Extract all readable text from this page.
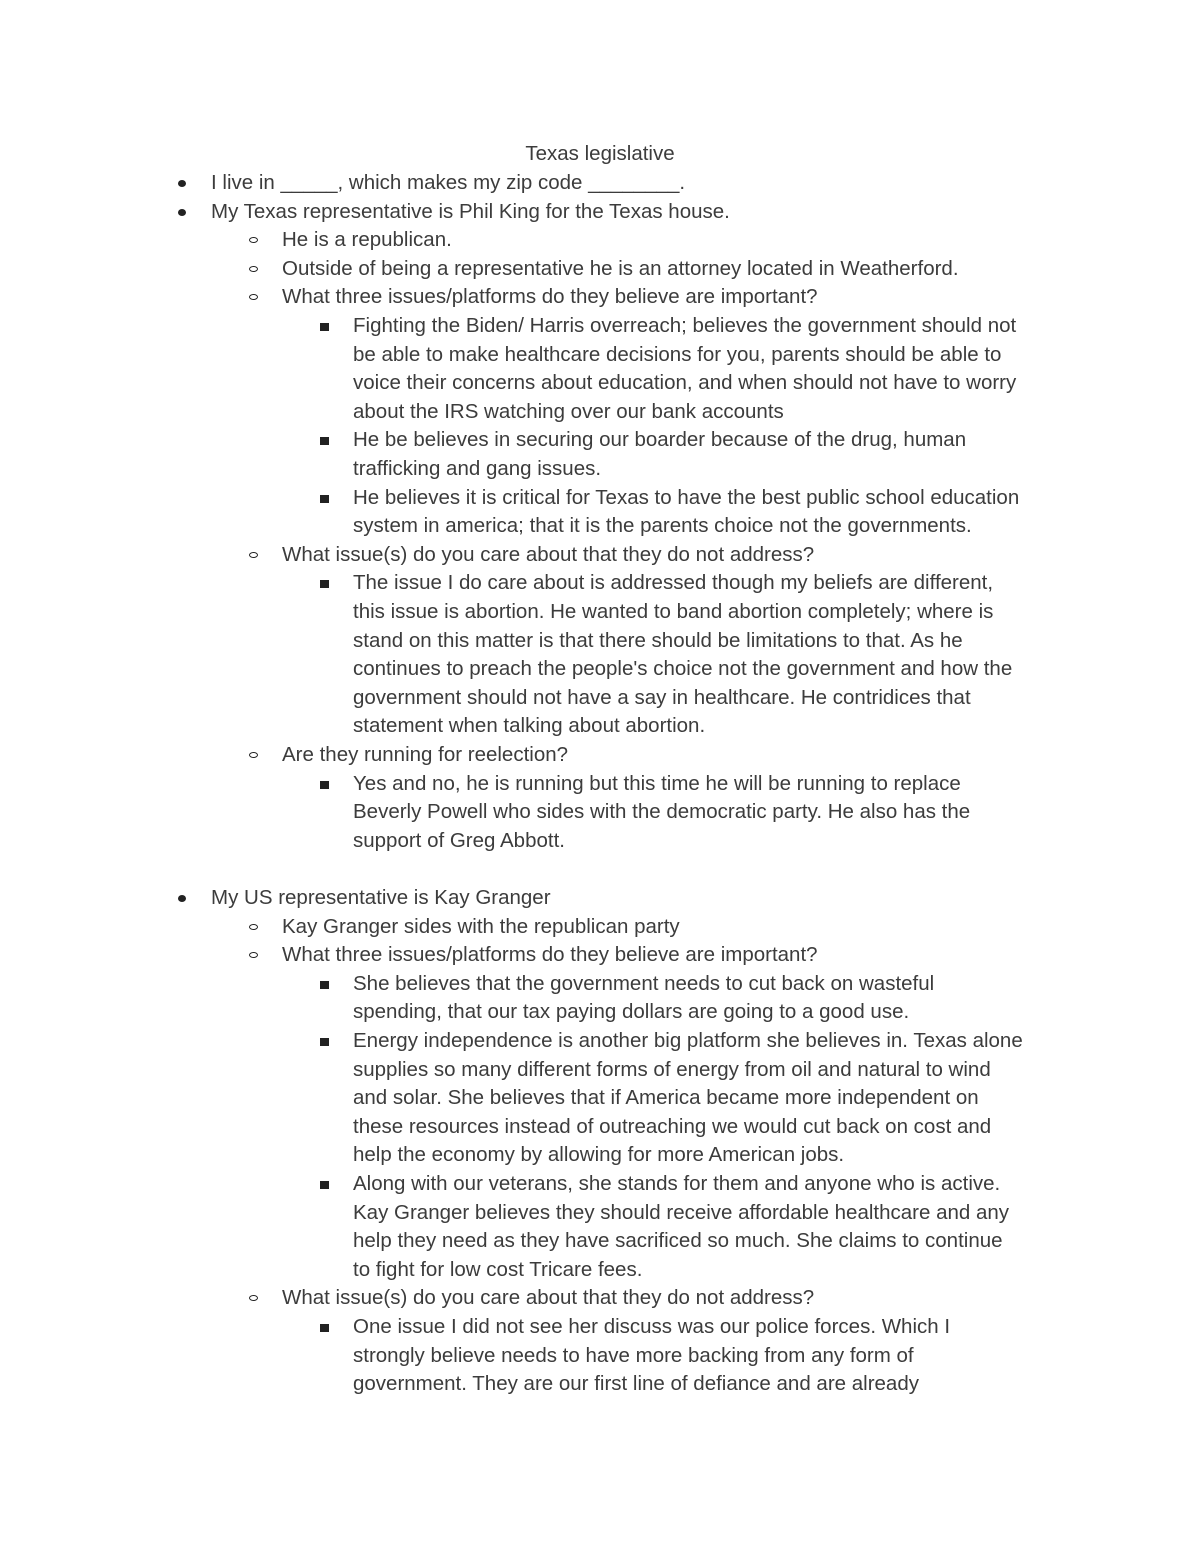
Texas legislative
I live in _____, which makes my zip code ________.
My Texas representative is Phil King for the Texas house.
He is a republican.
Outside of being a representative he is an attorney located in Weatherford.
What three issues/platforms do they believe are important?
Fighting the Biden/ Harris overreach; believes the government should not
be able to make healthcare decisions for you, parents should be able to
voice their concerns about education, and when should not have to worry
about the IRS watching over our bank accounts
He be believes in securing our boarder because of the drug, human
trafficking and gang issues.
He believes it is critical for Texas to have the best public school education
system in america; that it is the parents choice not the governments.
What issue(s) do you care about that they do not address?
The issue I do care about is addressed though my beliefs are different,
this issue is abortion. He wanted to band abortion completely; where is
stand on this matter is that there should be limitations to that. As he
continues to preach the people's choice not the government and how the
government should not have a say in healthcare. He contridices that
statement when talking about abortion.
Are they running for reelection?
Yes and no, he is running but this time he will be running to replace
Beverly Powell who sides with the democratic party. He also has the
support of Greg Abbott.
My US representative is Kay Granger
Kay Granger sides with the republican party
What three issues/platforms do they believe are important?
She believes that the government needs to cut back on wasteful
spending, that our tax paying dollars are going to a good use.
Energy independence is another big platform she believes in. Texas alone
supplies so many different forms of energy from oil and natural to wind
and solar. She believes that if America became more independent on
these resources instead of outreaching we would cut back on cost and
help the economy by allowing for more American jobs.
Along with our veterans, she stands for them and anyone who is active.
Kay Granger believes they should receive affordable healthcare and any
help they need as they have sacrificed so much. She claims to continue
to fight for low cost Tricare fees.
What issue(s) do you care about that they do not address?
One issue I did not see her discuss was our police forces. Which I
strongly believe needs to have more backing from any form of
government. They are our first line of defiance and are already
